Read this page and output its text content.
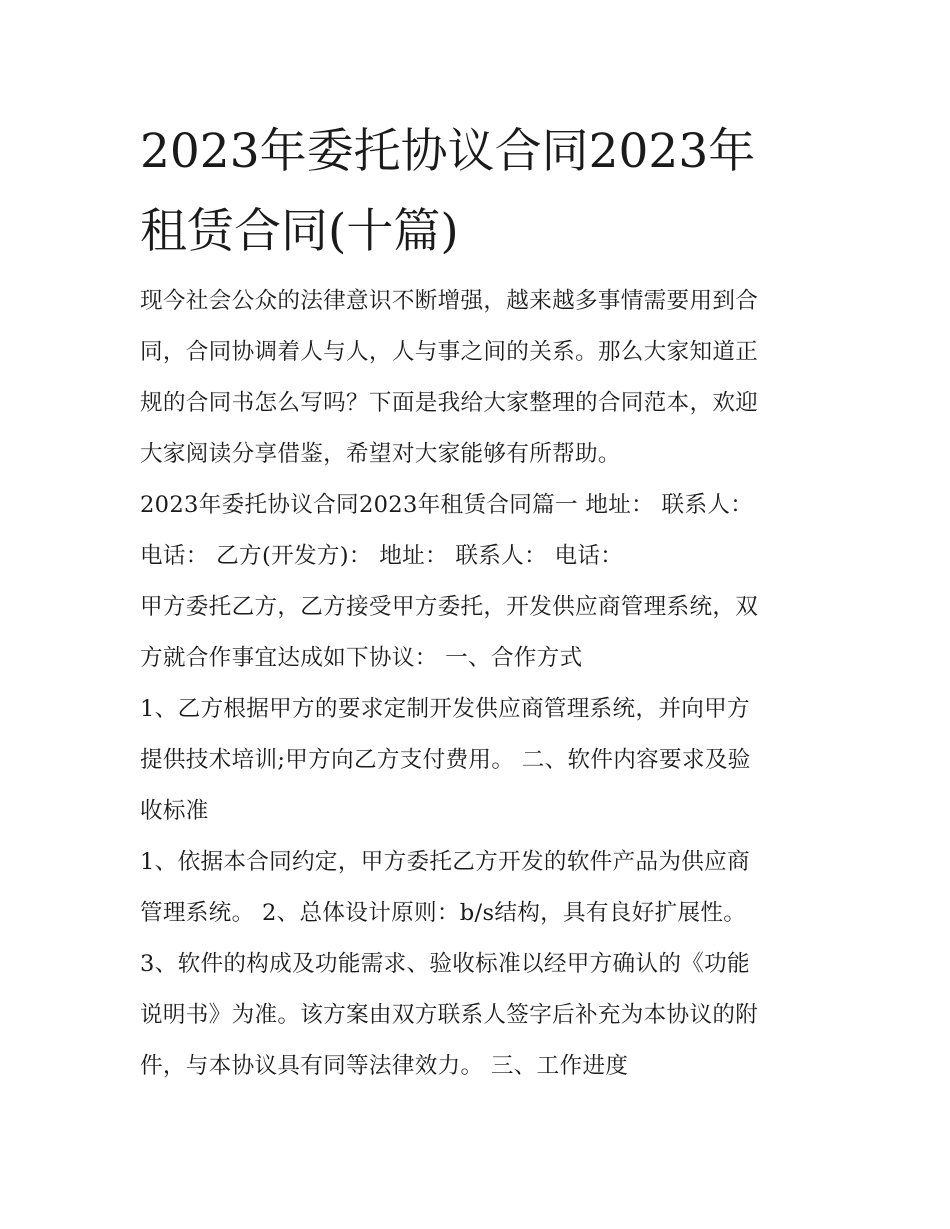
2023年委托协议合同2023年
租赁合同(十篇)

现今社会公众的法律意识不断增强，越来越多事情需要用到合

同，合同协调着人与人，人与事之间的关系。那么大家知道正

规的合同书怎么写吗？下面是我给大家整理的合同范本，欢迎

大家阅读分享借鉴，希望对大家能够有所帮助。

2023年委托协议合同2023年租赁合同篇一 地址： 联系人：

电话： 乙方(开发方)： 地址： 联系人： 电话：

甲方委托乙方，乙方接受甲方委托，开发供应商管理系统，双

方就合作事宜达成如下协议： 一、合作方式

1、乙方根据甲方的要求定制开发供应商管理系统，并向甲方

提供技术培训;甲方向乙方支付费用。 二、软件内容要求及验

收标准

1、依据本合同约定，甲方委托乙方开发的软件产品为供应商

管理系统。 2、总体设计原则：b/s结构，具有良好扩展性。

3、软件的构成及功能需求、验收标准以经甲方确认的《功能

说明书》为准。该方案由双方联系人签字后补充为本协议的附

件，与本协议具有同等法律效力。 三、工作进度
